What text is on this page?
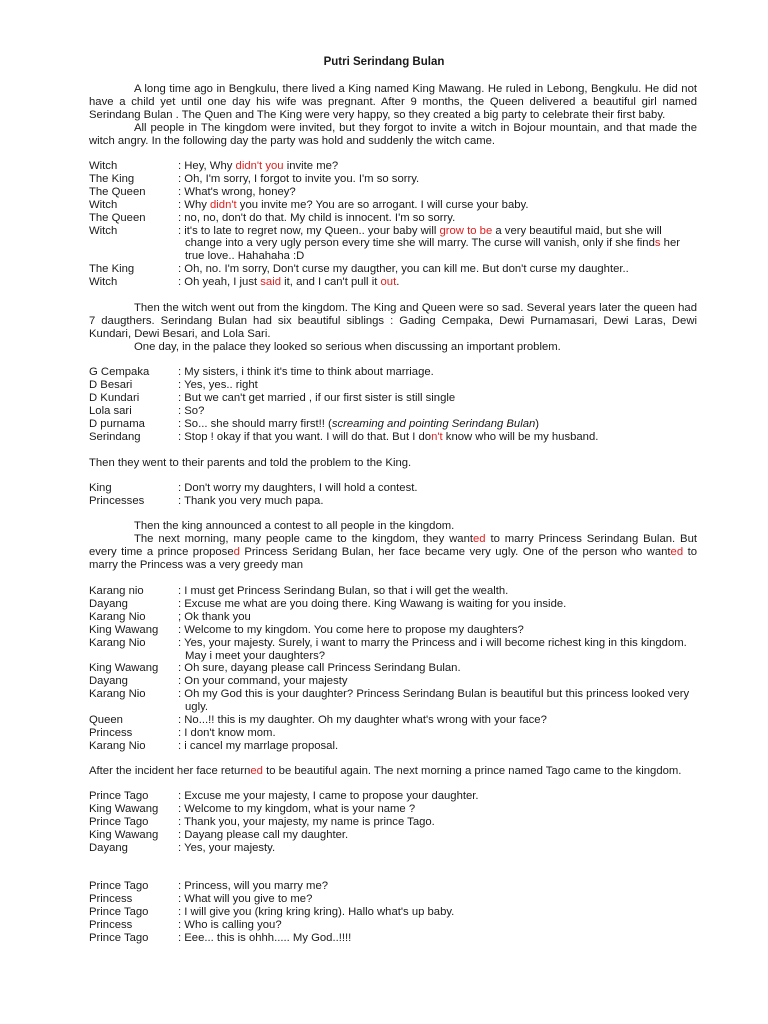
Putri Serindang Bulan

A long time ago in Bengkulu, there lived a King named King Mawang. He ruled in Lebong, Bengkulu. He did not have a child yet until one day his wife was pregnant. After 9 months, the Queen delivered a beautiful girl named Serindang Bulan . The Quen and The King were very happy, so they created a big party to celebrate their first baby.

All people in The kingdom were invited, but they forgot to invite a witch in Bojour mountain, and that made the witch angry. In the following day the party was hold and suddenly the witch came.

Witch	: Hey, Why didn't you invite me?
The King	: Oh, I'm sorry, I forgot to invite you. I'm so sorry.
The Queen	: What's wrong, honey?
Witch	: Why didn't you invite me? You are so arrogant. I will curse your baby.
The Queen	: no, no, don't do that. My child is innocent. I'm so sorry.
Witch	: it's to late to regret now, my Queen.. your baby will grow to be a very beautiful maid, but she will change into a very ugly person every time she will marry. The curse will vanish, only if she finds her true love.. Hahahaha :D
The King	: Oh, no. I'm sorry, Don't curse my daugther, you can kill me. But don't curse my daughter..
Witch	: Oh yeah, I just said it, and I can't pull it out.

Then the witch went out from the kingdom. The King and Queen were so sad. Several years later the queen had 7 daugthers. Serindang Bulan had six beautiful siblings : Gading Cempaka, Dewi Purnamasari, Dewi Laras, Dewi Kundari, Dewi Besari, and Lola Sari.

One day, in the palace they looked so serious when discussing an important problem.

G Cempaka	: My sisters, i think it's time to think about marriage.
D Besari	: Yes, yes.. right
D Kundari	: But we can't get married , if our first sister is still single
Lola sari	: So?
D purnama	: So... she should marry first!! (screaming and pointing Serindang Bulan)
Serindang	: Stop ! okay if that you want. I will do that. But I don't know who will be my husband.
Then they went to their parents and told the problem to the King.
King	: Don't worry my daughters, I will hold a contest.
Princesses	: Thank you very much papa.

Then the king announced a contest to all people in the kingdom.

The next morning, many people came to the kingdom, they wanted to marry Princess Serindang Bulan. But every time a prince proposed Princess Seridang Bulan, her face became very ugly. One of the person who wanted to marry the Princess was a very greedy man

Karang nio	: I must get Princess Serindang Bulan, so that i will get the wealth.
Dayang	: Excuse me what are you doing there. King Wawang is waiting for you inside.
Karang Nio	; Ok thank you
King Wawang : Welcome to my kingdom. You come here to propose my daughters?
Karang Nio	: Yes, your majesty. Surely, i want to marry the Princess and i will become richest king in this kingdom. May i meet your daughters?
King Wawang : Oh sure, dayang please call Princess Serindang Bulan.
Dayang	: On your command, your majesty
Karang Nio	: Oh my God this is your daughter? Princess Serindang Bulan is beautiful but this princess looked very ugly.
Queen	: No...!! this is my daughter. Oh my daughter what's wrong with your face?
Princess	: I don't know mom.
Karang Nio	: i cancel my marrlage proposal.
After the incident her face returned to be beautiful again. The next morning a prince named Tago came to the kingdom.
Prince Tago	: Excuse me your majesty, I came to propose your daughter.
King Wawang : Welcome to my kingdom, what is your name ?
Prince Tago	: Thank you, your majesty, my name is prince Tago.
King Wawang : Dayang please call my daughter.
Dayang	: Yes, your majesty.
Prince Tago	: Princess, will you marry me?
Princess	: What will you give to me?
Prince Tago	: I will give you (kring kring kring). Hallo what's up baby.
Princess	: Who is calling you?
Prince Tago	: Eee... this is ohhh..... My God..!!!!
